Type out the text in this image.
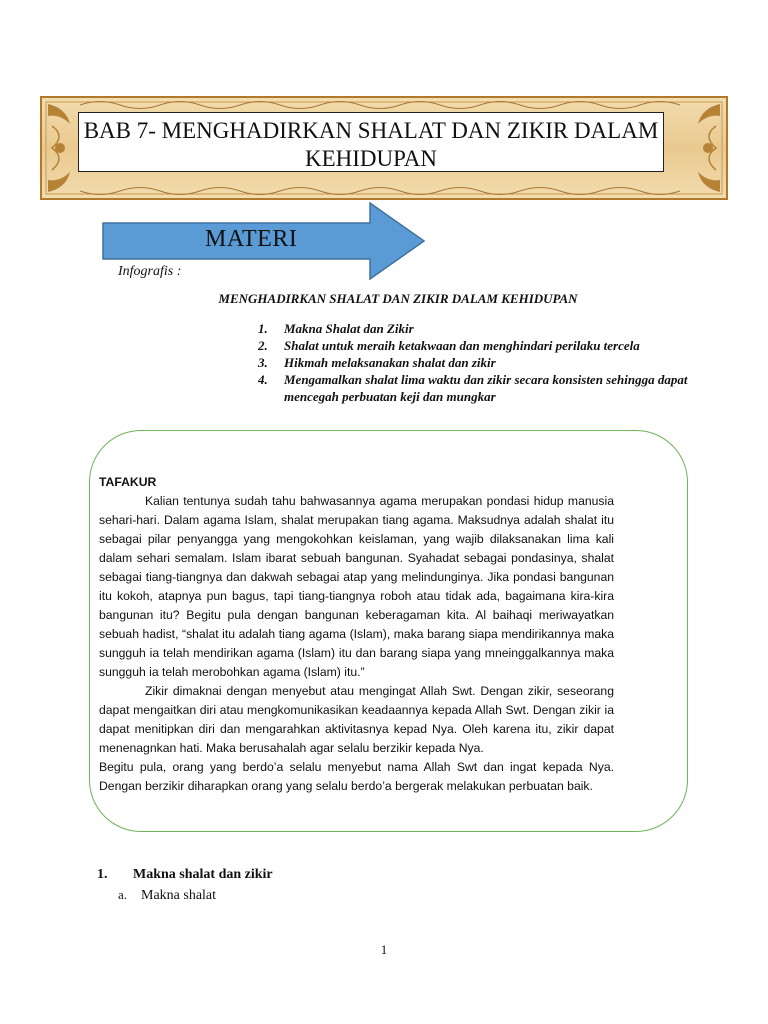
BAB 7- MENGHADIRKAN SHALAT DAN ZIKIR DALAM
KEHIDUPAN
MATERI
Infografis :
MENGHADIRKAN SHALAT DAN ZIKIR DALAM KEHIDUPAN
1. Makna Shalat dan Zikir
2. Shalat untuk meraih ketakwaan dan menghindari perilaku tercela
3. Hikmah melaksanakan shalat dan zikir
4. Mengamalkan shalat lima waktu dan zikir secara konsisten sehingga dapat mencegah perbuatan keji dan mungkar

TAFAKUR

Kalian tentunya sudah tahu bahwasannya agama merupakan pondasi hidup manusia sehari-hari. Dalam agama Islam, shalat merupakan tiang agama. Maksudnya adalah shalat itu sebagai pilar penyangga yang mengokohkan keislaman, yang wajib dilaksanakan lima kali dalam sehari semalam. Islam ibarat sebuah bangunan. Syahadat sebagai pondasinya, shalat sebagai tiang-tiangnya dan dakwah sebagai atap yang melindunginya. Jika pondasi bangunan itu kokoh, atapnya pun bagus, tapi tiang-tiangnya roboh atau tidak ada, bagaimana kira-kira bangunan itu? Begitu pula dengan bangunan keberagaman kita. Al baihaqi meriwayatkan sebuah hadist, “shalat itu adalah tiang agama (Islam), maka barang siapa mendirikannya maka sungguh ia telah mendirikan agama (Islam) itu dan barang siapa yang mneinggalkannya maka sungguh ia telah merobohkan agama (Islam) itu.”

Zikir dimaknai dengan menyebut atau mengingat Allah Swt. Dengan zikir, seseorang dapat mengaitkan diri atau mengkomunikasikan keadaannya kepada Allah Swt. Dengan zikir ia dapat menitipkan diri dan mengarahkan aktivitasnya kepad Nya. Oleh karena itu, zikir dapat menenagnkan hati. Maka berusahalah agar selalu berzikir kepada Nya.

Begitu pula, orang yang berdo’a selalu menyebut nama Allah Swt dan ingat kepada Nya. Dengan berzikir diharapkan orang yang selalu berdo’a bergerak melakukan perbuatan baik.

1. Makna shalat dan zikir
a. Makna shalat
1
